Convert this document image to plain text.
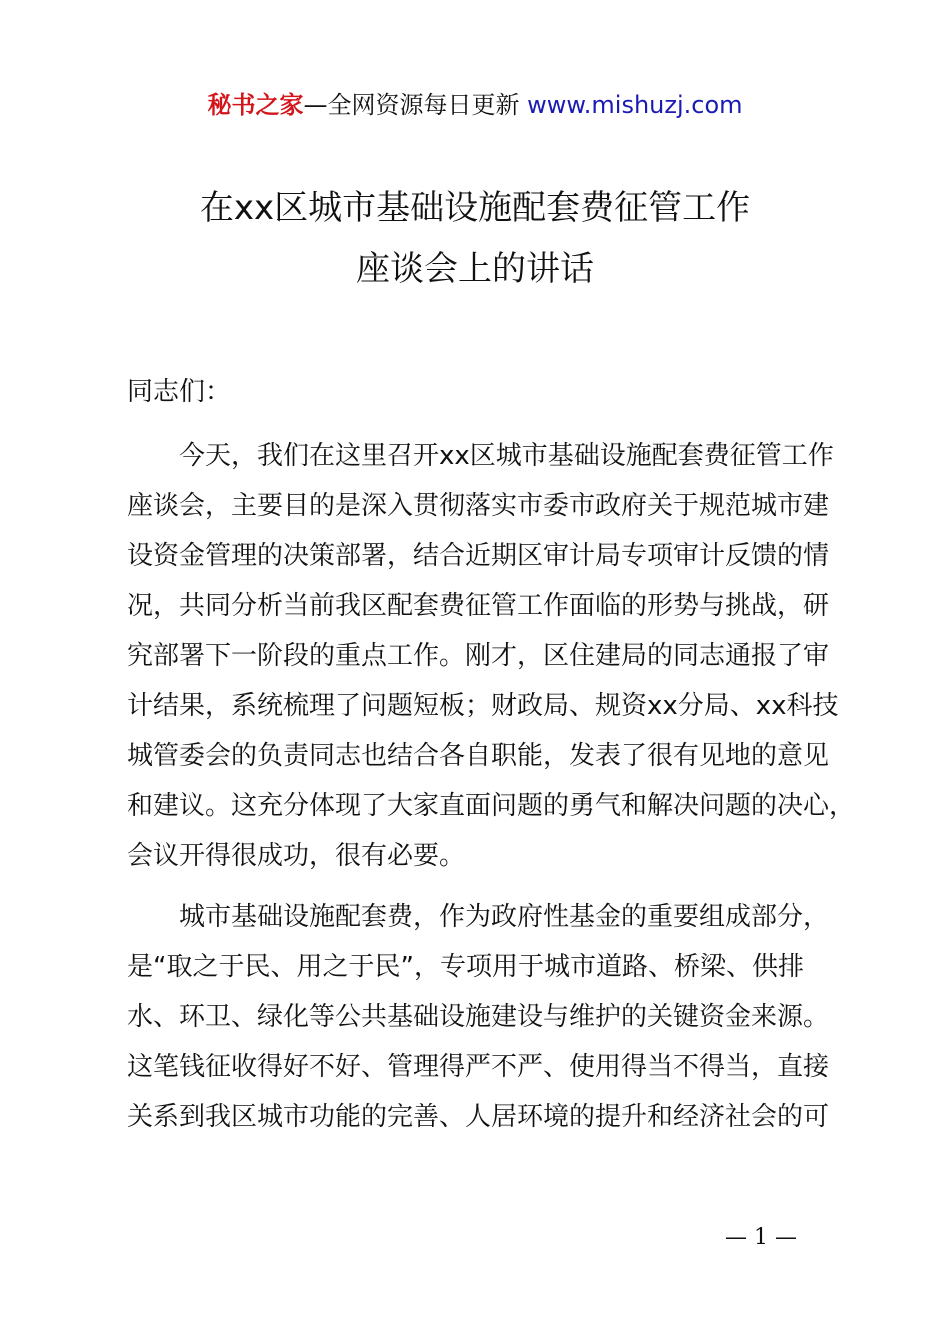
秘书之家—全网资源每日更新 www.mishuzj.com
在xx区城市基础设施配套费征管工作
座谈会上的讲话
同志们：
今天，我们在这里召开xx区城市基础设施配套费征管工作
座谈会，主要目的是深入贯彻落实市委市政府关于规范城市建
设资金管理的决策部署，结合近期区审计局专项审计反馈的情
况，共同分析当前我区配套费征管工作面临的形势与挑战，研
究部署下一阶段的重点工作。刚才，区住建局的同志通报了审
计结果，系统梳理了问题短板；财政局、规资xx分局、xx科技
城管委会的负责同志也结合各自职能，发表了很有见地的意见
和建议。这充分体现了大家直面问题的勇气和解决问题的决心，
会议开得很成功，很有必要。
城市基础设施配套费，作为政府性基金的重要组成部分，
是“取之于民、用之于民”，专项用于城市道路、桥梁、供排
水、环卫、绿化等公共基础设施建设与维护的关键资金来源。
这笔钱征收得好不好、管理得严不严、使用得当不得当，直接
关系到我区城市功能的完善、人居环境的提升和经济社会的可
— 1 —
